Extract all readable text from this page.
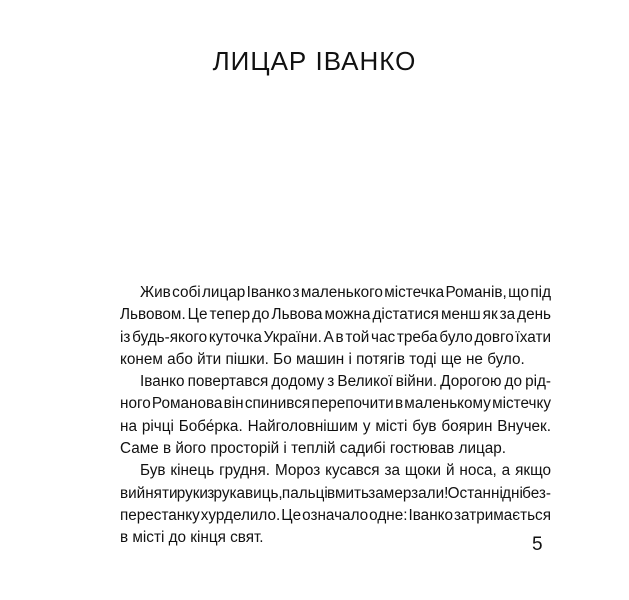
ЛИЦАР ІВАНКО

Жив собі лицар Іванко з маленького містечка Романів, що під
Львовом. Це тепер до Львова можна дістатися менш як за день
із будь-якого куточка України. А в той час треба було довго їхати
конем або йти пішки. Бо машин і потягів тоді ще не було.

Іванко повертався додому з Великої війни. Дорогою до рід-
ного Романова він спинився перепочити в маленькому містечку
на річці Бобе́рка. Найголовнішим у місті був боярин Внучек.
Саме в його просторій і теплій садибі гостював лицар.

Був кінець грудня. Мороз кусався за щоки й носа, а якщо
вийняти руки з рукавиць, пальці вмить замерзали! Останні дні без-
перестанку хурделило. Це означало одне: Іванко затримається
в місті до кінця свят.	5
